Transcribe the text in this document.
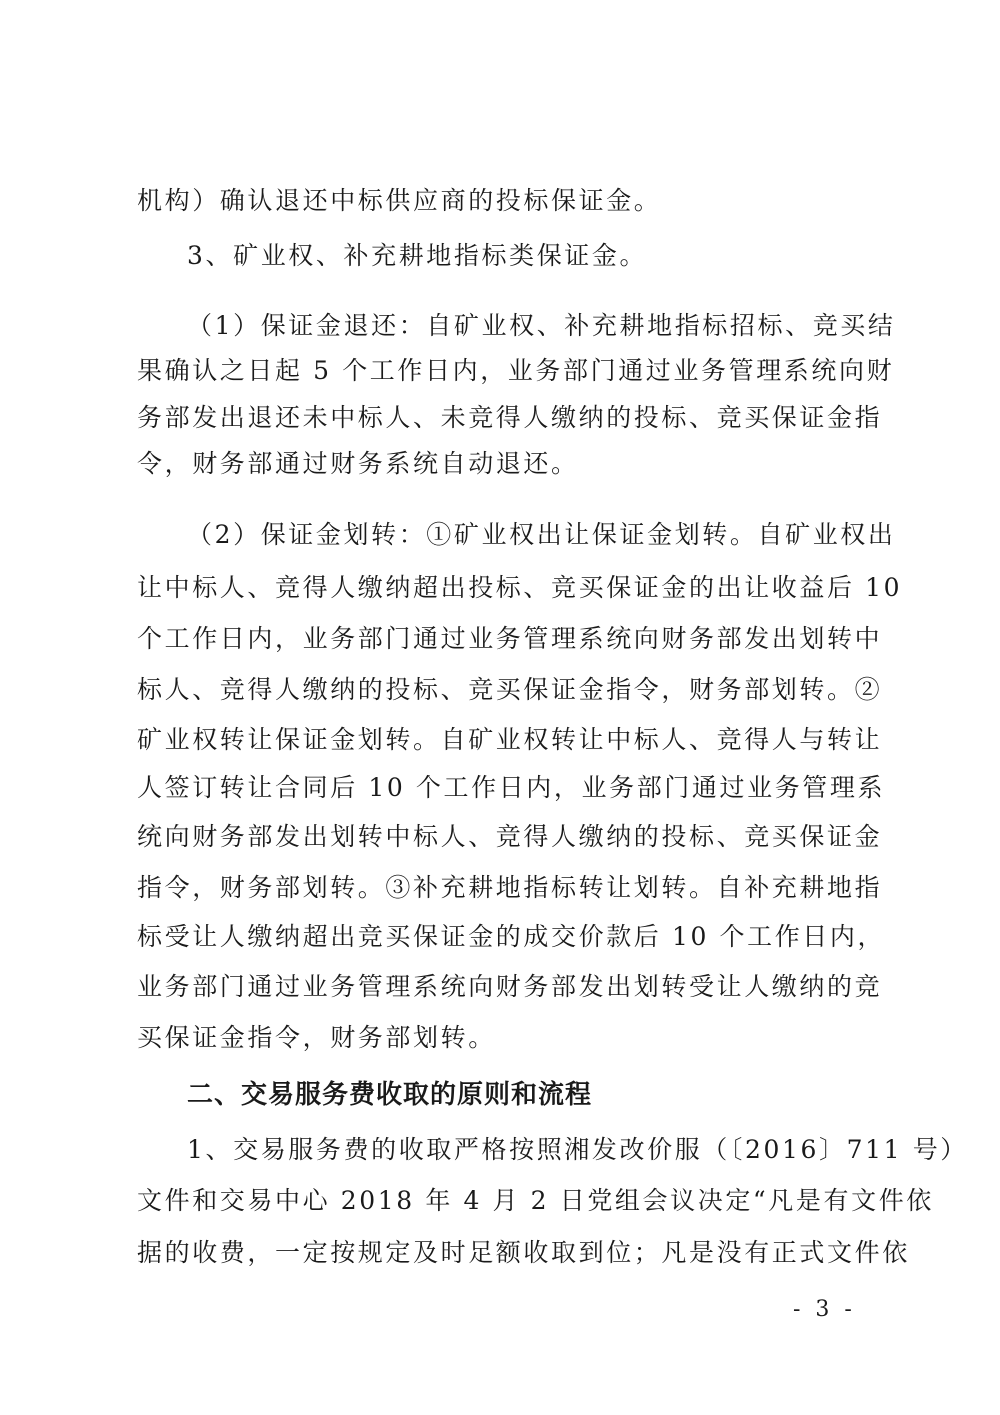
机构）确认退还中标供应商的投标保证金。
3、矿业权、补充耕地指标类保证金。
（1）保证金退还：自矿业权、补充耕地指标招标、竞买结
果确认之日起 5 个工作日内，业务部门通过业务管理系统向财
务部发出退还未中标人、未竞得人缴纳的投标、竞买保证金指
令，财务部通过财务系统自动退还。
（2）保证金划转：①矿业权出让保证金划转。自矿业权出
让中标人、竞得人缴纳超出投标、竞买保证金的出让收益后 10
个工作日内，业务部门通过业务管理系统向财务部发出划转中
标人、竞得人缴纳的投标、竞买保证金指令，财务部划转。②
矿业权转让保证金划转。自矿业权转让中标人、竞得人与转让
人签订转让合同后 10 个工作日内，业务部门通过业务管理系
统向财务部发出划转中标人、竞得人缴纳的投标、竞买保证金
指令，财务部划转。③补充耕地指标转让划转。自补充耕地指
标受让人缴纳超出竞买保证金的成交价款后 10 个工作日内，
业务部门通过业务管理系统向财务部发出划转受让人缴纳的竞
买保证金指令，财务部划转。
二、交易服务费收取的原则和流程
1、交易服务费的收取严格按照湘发改价服（〔2016〕711 号）
文件和交易中心 2018 年 4 月 2 日党组会议决定“凡是有文件依
据的收费，一定按规定及时足额收取到位；凡是没有正式文件依
- 3 -
